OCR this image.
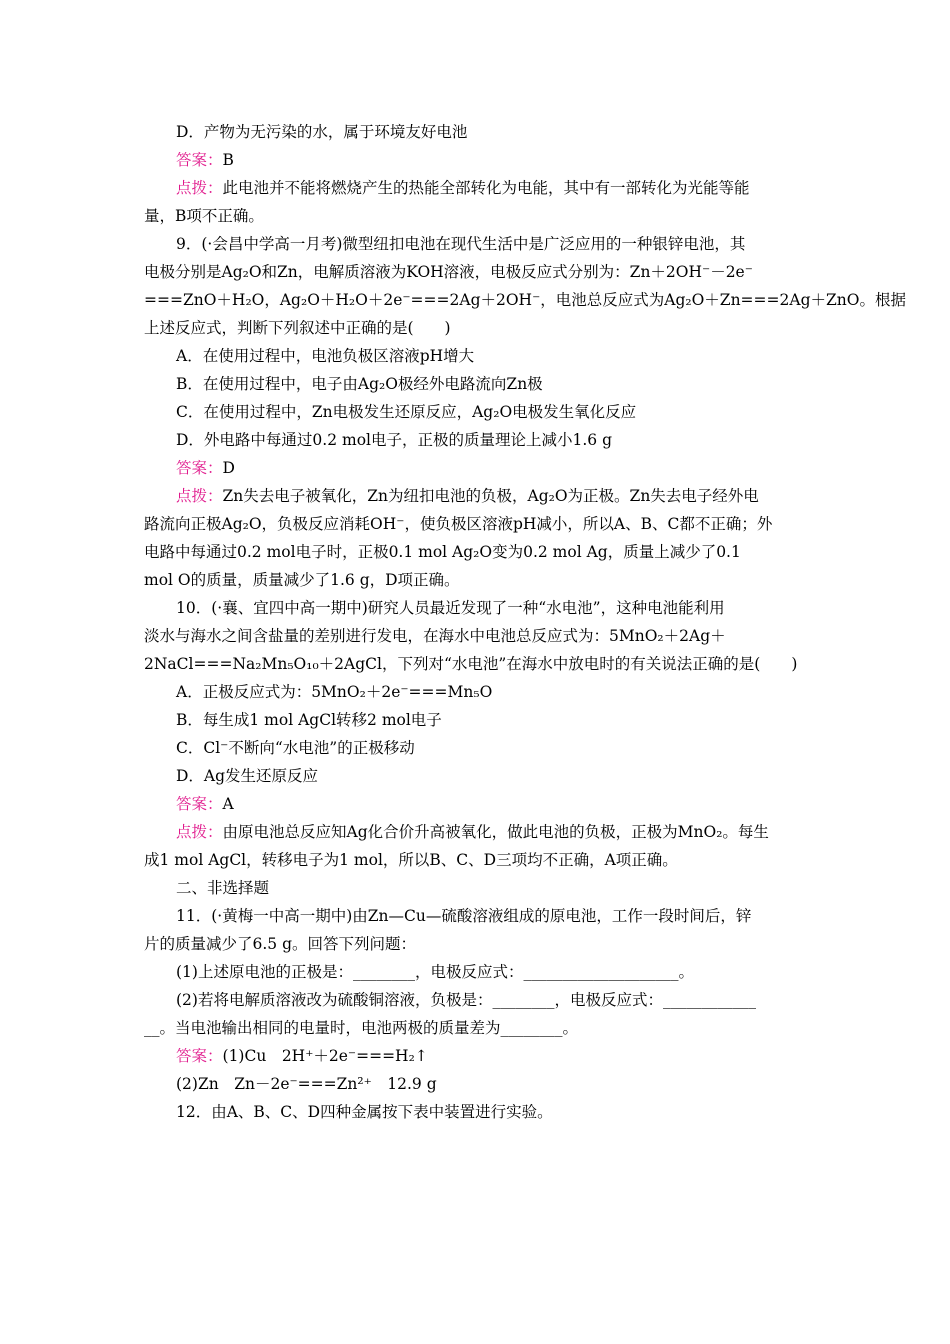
D．产物为无污染的水，属于环境友好电池
答案：B
点拨：此电池并不能将燃烧产生的热能全部转化为电能，其中有一部转化为光能等能
量，B项不正确。
9．(·会昌中学高一月考)微型纽扣电池在现代生活中是广泛应用的一种银锌电池，其
电极分别是Ag₂O和Zn，电解质溶液为KOH溶液，电极反应式分别为：Zn＋2OH⁻－2e⁻
===ZnO＋H₂O，Ag₂O＋H₂O＋2e⁻===2Ag＋2OH⁻，电池总反应式为Ag₂O＋Zn===2Ag＋ZnO。根据
上述反应式，判断下列叙述中正确的是(　　)
A．在使用过程中，电池负极区溶液pH增大
B．在使用过程中，电子由Ag₂O极经外电路流向Zn极
C．在使用过程中，Zn电极发生还原反应，Ag₂O电极发生氧化反应
D．外电路中每通过0.2 mol电子，正极的质量理论上减小1.6 g
答案：D
点拨：Zn失去电子被氧化，Zn为纽扣电池的负极，Ag₂O为正极。Zn失去电子经外电
路流向正极Ag₂O，负极反应消耗OH⁻，使负极区溶液pH减小，所以A、B、C都不正确；外
电路中每通过0.2 mol电子时，正极0.1 mol Ag₂O变为0.2 mol Ag，质量上减少了0.1
mol O的质量，质量减少了1.6 g，D项正确。
10．(·襄、宜四中高一期中)研究人员最近发现了一种“水电池”，这种电池能利用
淡水与海水之间含盐量的差别进行发电，在海水中电池总反应式为：5MnO₂＋2Ag＋
2NaCl===Na₂Mn₅O₁₀＋2AgCl，下列对“水电池”在海水中放电时的有关说法正确的是(　　)
A．正极反应式为：5MnO₂＋2e⁻===Mn₅O
B．每生成1 mol AgCl转移2 mol电子
C．Cl⁻不断向“水电池”的正极移动
D．Ag发生还原反应
答案：A
点拨：由原电池总反应知Ag化合价升高被氧化，做此电池的负极，正极为MnO₂。每生
成1 mol AgCl，转移电子为1 mol，所以B、C、D三项均不正确，A项正确。
二、非选择题
11．(·黄梅一中高一期中)由Zn—Cu—硫酸溶液组成的原电池，工作一段时间后，锌
片的质量减少了6.5 g。回答下列问题：
(1)上述原电池的正极是：________，电极反应式：____________________。
(2)若将电解质溶液改为硫酸铜溶液，负极是：________，电极反应式：____________
__。当电池输出相同的电量时，电池两极的质量差为________。
答案：(1)Cu　2H⁺＋2e⁻===H₂↑
(2)Zn　Zn－2e⁻===Zn²⁺　12.9 g
12．由A、B、C、D四种金属按下表中装置进行实验。
